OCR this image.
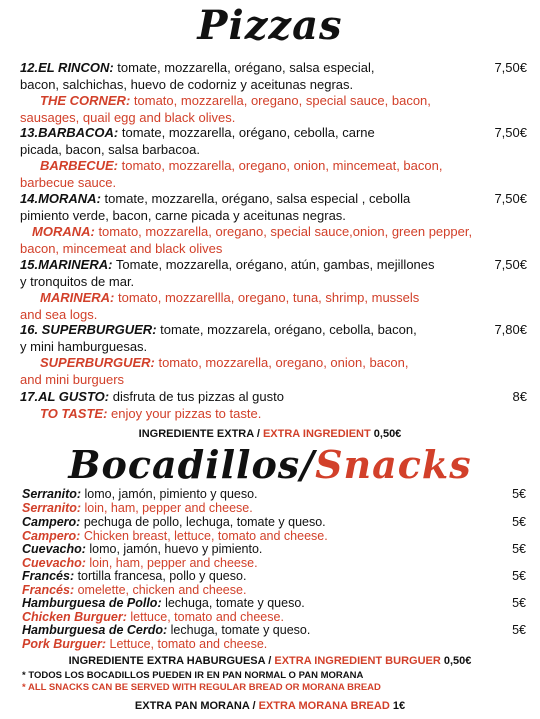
Pizzas
12.EL RINCON: tomate, mozzarella, orégano, salsa especial,	7,50€
bacon, salchichas, huevo de codorniz y aceitunas negras.
THE CORNER: tomato, mozzarella, oregano, special sauce, bacon,
sausages, quail egg and black olives.
13.BARBACOA: tomate, mozzarella, orégano, cebolla, carne	7,50€
picada, bacon, salsa barbacoa.
BARBECUE: tomato, mozzarella, oregano, onion, mincemeat, bacon,
barbecue sauce.
14.MORANA: tomate, mozzarella, orégano, salsa especial , cebolla	7,50€
pimiento verde, bacon, carne picada y aceitunas negras.
MORANA: tomato, mozzarella, oregano, special sauce,onion, green pepper,
bacon, mincemeat and black olives
15.MARINERA: Tomate, mozzarella, orégano, atún, gambas, mejillones	7,50€
y tronquitos de mar.
MARINERA: tomato, mozzarellla, oregano, tuna, shrimp, mussels
and sea logs.
16. SUPERBURGUER: tomate, mozzarela, orégano, cebolla, bacon,	7,80€
y mini hamburguesas.
SUPERBURGUER: tomato, mozzarella, oregano, onion, bacon,
and mini burguers
17.AL GUSTO: disfruta de tus pizzas al gusto	8€
TO TASTE: enjoy your pizzas to taste.
INGREDIENTE EXTRA / EXTRA INGREDIENT 0,50€
Bocadillos/Snacks
Serranito: lomo, jamón, pimiento y queso.	5€
Serranito: loin, ham, pepper and cheese.
Campero: pechuga de pollo, lechuga, tomate y queso.	5€
Campero: Chicken breast, lettuce, tomato and cheese.
Cuevacho: lomo, jamón, huevo y pimiento.	5€
Cuevacho: loin, ham, pepper and cheese.
Francés: tortilla francesa, pollo y queso.	5€
Francés: omelette, chicken and cheese.
Hamburguesa de Pollo: lechuga, tomate y queso.	5€
Chicken Burguer: lettuce, tomato and cheese.
Hamburguesa de Cerdo: lechuga, tomate y queso.	5€
Pork Burguer: Lettuce, tomato and cheese.
INGREDIENTE EXTRA HABURGUESA / EXTRA INGREDIENT BURGUER 0,50€
* TODOS LOS BOCADILLOS PUEDEN IR EN PAN NORMAL O PAN MORANA
* ALL SNACKS CAN BE SERVED WITH REGULAR BREAD OR MORANA BREAD
EXTRA PAN MORANA / EXTRA MORANA BREAD 1€
